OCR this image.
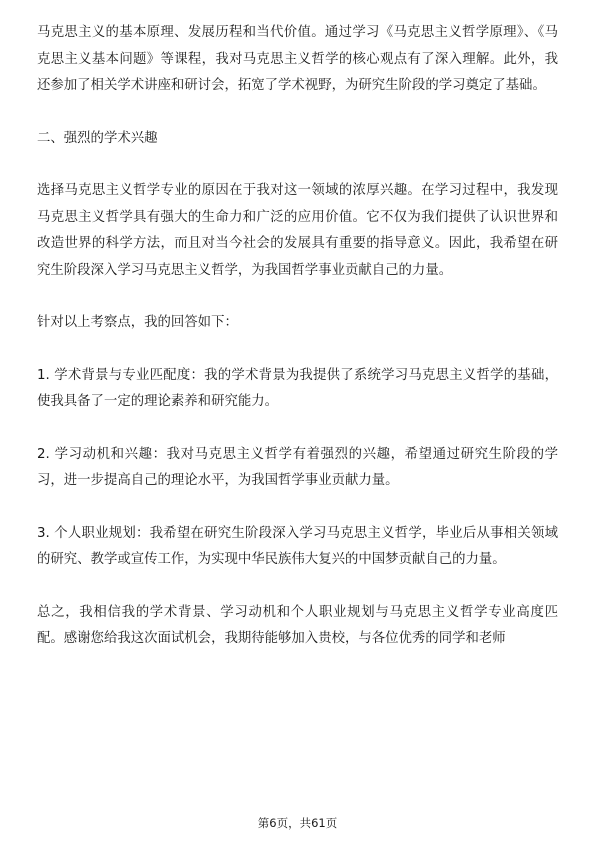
马克思主义的基本原理、发展历程和当代价值。通过学习《马克思主义哲学原理》、《马克思主义基本问题》等课程，我对马克思主义哲学的核心观点有了深入理解。此外，我还参加了相关学术讲座和研讨会，拓宽了学术视野，为研究生阶段的学习奠定了基础。

二、强烈的学术兴趣

选择马克思主义哲学专业的原因在于我对这一领域的浓厚兴趣。在学习过程中，我发现马克思主义哲学具有强大的生命力和广泛的应用价值。它不仅为我们提供了认识世界和改造世界的科学方法，而且对当今社会的发展具有重要的指导意义。因此，我希望在研究生阶段深入学习马克思主义哲学，为我国哲学事业贡献自己的力量。

针对以上考察点，我的回答如下：

1. 学术背景与专业匹配度：我的学术背景为我提供了系统学习马克思主义哲学的基础，使我具备了一定的理论素养和研究能力。

2. 学习动机和兴趣：我对马克思主义哲学有着强烈的兴趣，希望通过研究生阶段的学习，进一步提高自己的理论水平，为我国哲学事业贡献力量。

3. 个人职业规划：我希望在研究生阶段深入学习马克思主义哲学，毕业后从事相关领域的研究、教学或宣传工作，为实现中华民族伟大复兴的中国梦贡献自己的力量。

总之，我相信我的学术背景、学习动机和个人职业规划与马克思主义哲学专业高度匹配。感谢您给我这次面试机会，我期待能够加入贵校，与各位优秀的同学和老师

第6页，共61页
